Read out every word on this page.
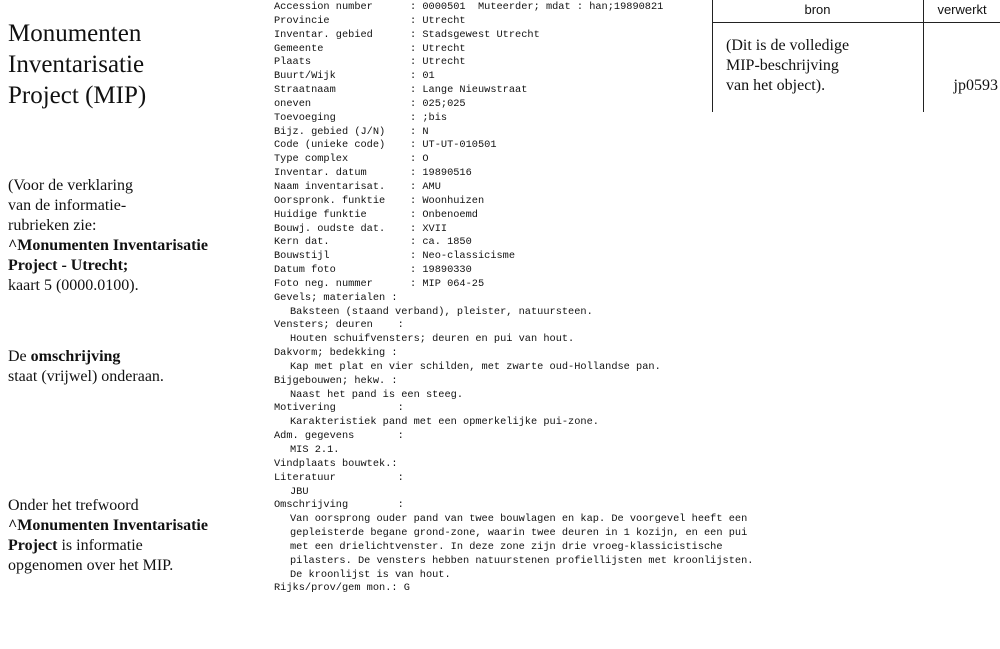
Monumenten
Inventarisatie
Project (MIP)

(Voor de verklaring
van de informatie-
rubrieken zie:
^Monumenten Inventarisatie
Project - Utrecht;
kaart 5 (0000.0100).

De omschrijving
staat (vrijwel) onderaan.

Onder het trefwoord
^Monumenten Inventarisatie
Project is informatie
opgenomen over het MIP.

Accession number	: 0000501  Muteerder; mdat : han;19890821
Provincie	: Utrecht
Inventar. gebied	: Stadsgewest Utrecht
Gemeente	: Utrecht
Plaats	: Utrecht
Buurt/Wijk	: 01
Straatnaam	: Lange Nieuwstraat
oneven	: 025;025
Toevoeging	: ;bis
Bijz. gebied (J/N) : N
Code (unieke code) : UT-UT-010501
Type complex	: O
Inventar. datum	: 19890516
Naam inventarisat. : AMU
Oorspronk. funktie : Woonhuizen
Huidige funktie	: Onbenoemd
Bouwj. oudste dat. : XVII
Kern dat.	: ca. 1850
Bouwstijl	: Neo-classicisme
Datum foto	: 19890330
Foto neg. nummer	: MIP 064-25
Gevels; materialen :
Baksteen (staand verband), pleister, natuursteen.
Vensters; deuren    :
Houten schuifvensters; deuren en pui van hout.
Dakvorm; bedekking :
Kap met plat en vier schilden, met zwarte oud-Hollandse pan.
Bijgebouwen; hekw. :
Naast het pand is een steeg.
Motivering          :
Karakteristiek pand met een opmerkelijke pui-zone.
Adm. gegevens       :
MIS 2.1.
Vindplaats bouwtek.:
Literatuur          :
JBU
Omschrijving        :
Van oorsprong ouder pand van twee bouwlagen en kap. De voorgevel heeft een
gepleisterde begane grond-zone, waarin twee deuren in 1 kozijn, en een pui
met een drielichtvenster. In deze zone zijn drie vroeg-klassicistische
pilasters. De vensters hebben natuurstenen profiellijsten met kroonlijsten.
De kroonlijst is van hout.
Rijks/prov/gem mon.: G
bron	verwerkt
(Dit is de volledige
MIP-beschrijving
van het object).	jp0593
